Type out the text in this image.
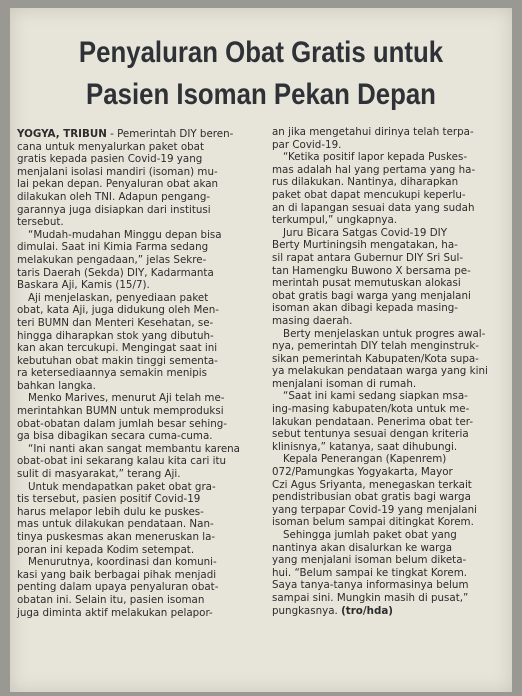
Penyaluran Obat Gratis untuk
Pasien Isoman Pekan Depan
YOGYA, TRIBUN - Pemerintah DIY beren-
cana untuk menyalurkan paket obat
gratis kepada pasien Covid-19 yang
menjalani isolasi mandiri (isoman) mu-
lai pekan depan. Penyaluran obat akan
dilakukan oleh TNI. Adapun pengang-
garannya juga disiapkan dari institusi
tersebut.
“Mudah-mudahan Minggu depan bisa
dimulai. Saat ini Kimia Farma sedang
melakukan pengadaan,” jelas Sekre-
taris Daerah (Sekda) DIY, Kadarmanta
Baskara Aji, Kamis (15/7).
Aji menjelaskan, penyediaan paket
obat, kata Aji, juga didukung oleh Men-
teri BUMN dan Menteri Kesehatan, se-
hingga diharapkan stok yang dibutuh-
kan akan tercukupi. Mengingat saat ini
kebutuhan obat makin tinggi sementa-
ra ketersediaannya semakin menipis
bahkan langka.
Menko Marives, menurut Aji telah me-
merintahkan BUMN untuk memproduksi
obat-obatan dalam jumlah besar sehing-
ga bisa dibagikan secara cuma-cuma.
“Ini nanti akan sangat membantu karena
obat-obat ini sekarang kalau kita cari itu
sulit di masyarakat,” terang Aji.
Untuk mendapatkan paket obat gra-
tis tersebut, pasien positif Covid-19
harus melapor lebih dulu ke puskes-
mas untuk dilakukan pendataan. Nan-
tinya puskesmas akan meneruskan la-
poran ini kepada Kodim setempat.
Menurutnya, koordinasi dan komuni-
kasi yang baik berbagai pihak menjadi
penting dalam upaya penyaluran obat-
obatan ini. Selain itu, pasien isoman
juga diminta aktif melakukan pelapor-
an jika mengetahui dirinya telah terpa-
par Covid-19.
“Ketika positif lapor kepada Puskes-
mas adalah hal yang pertama yang ha-
rus dilakukan. Nantinya, diharapkan
paket obat dapat mencukupi keperlu-
an di lapangan sesuai data yang sudah
terkumpul,” ungkapnya.
Juru Bicara Satgas Covid-19 DIY
Berty Murtiningsih mengatakan, ha-
sil rapat antara Gubernur DIY Sri Sul-
tan Hamengku Buwono X bersama pe-
merintah pusat memutuskan alokasi
obat gratis bagi warga yang menjalani
isoman akan dibagi kepada masing-
masing daerah.
Berty menjelaskan untuk progres awal-
nya, pemerintah DIY telah menginstruk-
sikan pemerintah Kabupaten/Kota supa-
ya melakukan pendataan warga yang kini
menjalani isoman di rumah.
“Saat ini kami sedang siapkan msa-
ing-masing kabupaten/kota untuk me-
lakukan pendataan. Penerima obat ter-
sebut tentunya sesuai dengan kriteria
klinisnya,” katanya, saat dihubungi.
Kepala Penerangan (Kapenrem)
072/Pamungkas Yogyakarta, Mayor
Czi Agus Sriyanta, menegaskan terkait
pendistribusian obat gratis bagi warga
yang terpapar Covid-19 yang menjalani
isoman belum sampai ditingkat Korem.
Sehingga jumlah paket obat yang
nantinya akan disalurkan ke warga
yang menjalani isoman belum diketa-
hui. “Belum sampai ke tingkat Korem.
Saya tanya-tanya informasinya belum
sampai sini. Mungkin masih di pusat,”
pungkasnya. (tro/hda)
